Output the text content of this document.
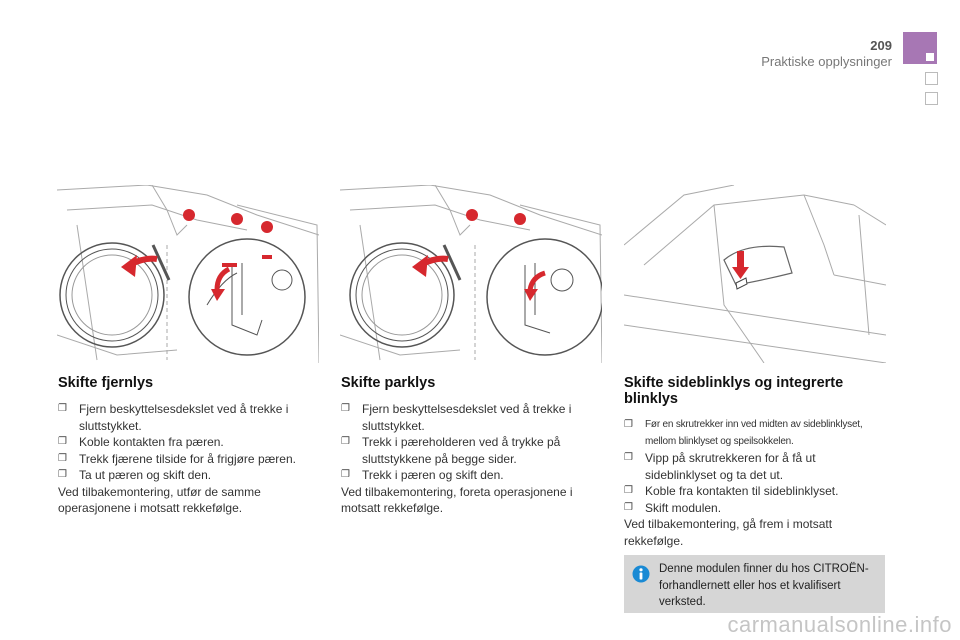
209
Praktiske opplysninger
Skifte fjernlys
❐ Fjern beskyttelsesdekslet ved å trekke i sluttstykket.
❐ Koble kontakten fra pæren.
❐ Trekk fjærene tilside for å frigjøre pæren.
❐ Ta ut pæren og skift den.

Ved tilbakemontering, utfør de samme operasjonene i motsatt rekkefølge.

Skifte parklys
❐ Fjern beskyttelsesdekslet ved å trekke i sluttstykket.
❐ Trekk i pæreholderen ved å trykke på sluttstykkene på begge sider.
❐ Trekk i pæren og skift den.

Ved tilbakemontering, foreta operasjonene i motsatt rekkefølge.

Skifte sideblinklys og integrerte
blinklys
❐ Før en skrutrekker inn ved midten av sideblinklyset, mellom blinklyset og speilsokkelen.
❐ Vipp på skrutrekkeren for å få ut sideblinklyset og ta det ut.
❐ Koble fra kontakten til sideblinklyset.
❐ Skift modulen.

Ved tilbakemontering, gå frem i motsatt rekkefølge.

Denne modulen finner du hos CITROËN-forhandlernett eller hos et kvalifisert verksted.
carmanualsonline.info
